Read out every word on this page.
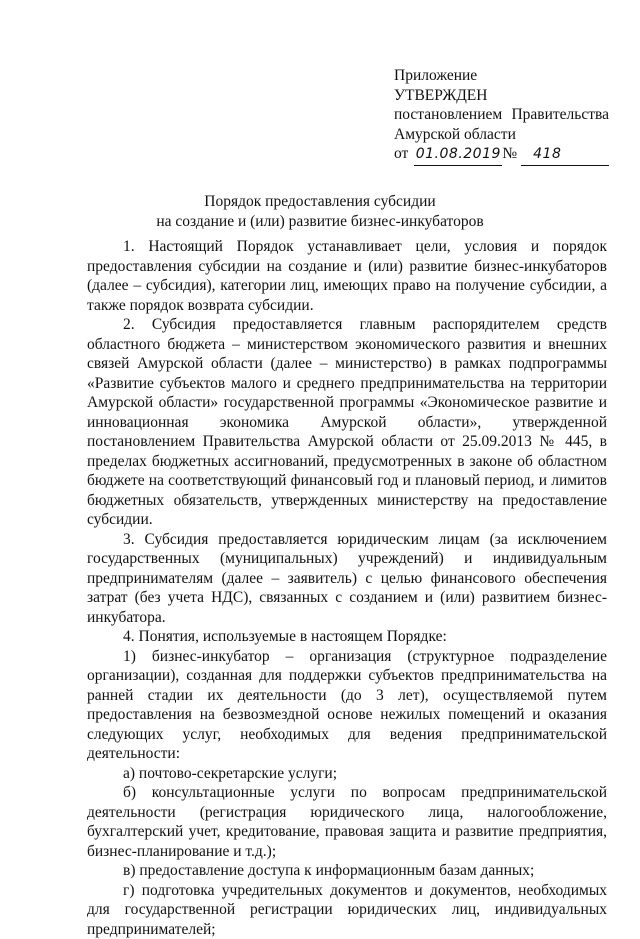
Приложение
УТВЕРЖДЕН
постановлением Правительства
Амурской области
от 01.08.2019 №	418
Порядок предоставления субсидии
на создание и (или) развитие бизнес-инкубаторов

1. Настоящий Порядок устанавливает цели, условия и порядок предоставления субсидии на создание и (или) развитие бизнес-инкубаторов (далее – субсидия), категории лиц, имеющих право на получение субсидии, а также порядок возврата субсидии.

2. Субсидия предоставляется главным распорядителем средств областного бюджета – министерством экономического развития и внешних связей Амурской области (далее – министерство) в рамках подпрограммы «Развитие субъектов малого и среднего предпринимательства на территории Амурской области» государственной программы «Экономическое развитие и инновационная экономика Амурской области», утвержденной постановлением Правительства Амурской области от 25.09.2013 № 445, в пределах бюджетных ассигнований, предусмотренных в законе об областном бюджете на соответствующий финансовый год и плановый период, и лимитов бюджетных обязательств, утвержденных министерству на предоставление субсидии.

3. Субсидия предоставляется юридическим лицам (за исключением государственных (муниципальных) учреждений) и индивидуальным предпринимателям (далее – заявитель) с целью финансового обеспечения затрат (без учета НДС), связанных с созданием и (или) развитием бизнес-инкубатора.

4. Понятия, используемые в настоящем Порядке:

1) бизнес-инкубатор – организация (структурное подразделение организации), созданная для поддержки субъектов предпринимательства на ранней стадии их деятельности (до 3 лет), осуществляемой путем предоставления на безвозмездной основе нежилых помещений и оказания следующих услуг, необходимых для ведения предпринимательской деятельности:

а) почтово-секретарские услуги;

б) консультационные услуги по вопросам предпринимательской деятельности (регистрация юридического лица, налогообложение, бухгалтерский учет, кредитование, правовая защита и развитие предприятия, бизнес-планирование и т.д.);

в) предоставление доступа к информационным базам данных;

г) подготовка учредительных документов и документов, необходимых для государственной регистрации юридических лиц, индивидуальных предпринимателей;
